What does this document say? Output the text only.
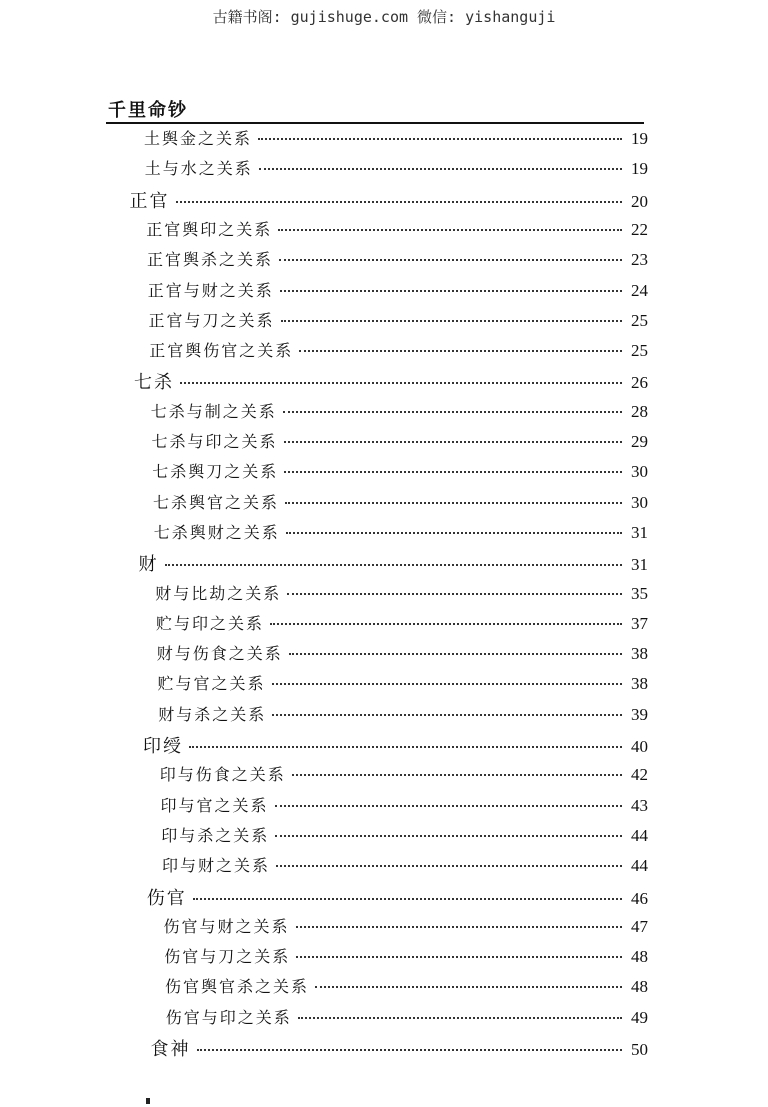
古籍书阁: gujishuge.com 微信: yishanguji
千里命钞
土舆金之关系	19
土与水之关系	19
正官	20
正官舆印之关系	22
正官舆杀之关系	23
正官与财之关系	24
正官与刀之关系	25
正官舆伤官之关系	25
七杀	26
七杀与制之关系	28
七杀与印之关系	29
七杀舆刀之关系	30
七杀舆官之关系	30
七杀舆财之关系	31
财	31
财与比劫之关系	35
贮与印之关系	37
财与伤食之关系	38
贮与官之关系	38
财与杀之关系	39
印绶	40
印与伤食之关系	42
印与官之关系	43
印与杀之关系	44
印与财之关系	44
伤官	46
伤官与财之关系	47
伤官与刀之关系	48
伤官舆官杀之关系	48
伤官与印之关系	49
食神	50
